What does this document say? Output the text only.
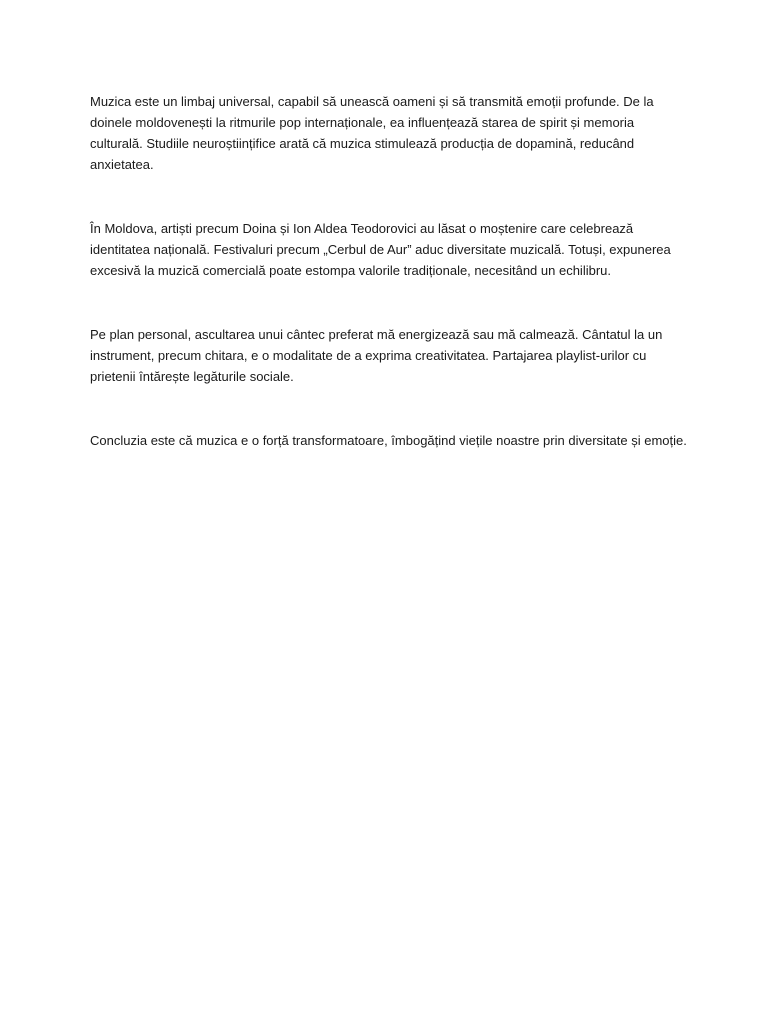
Muzica este un limbaj universal, capabil să unească oameni și să transmită emoții profunde. De la doinele moldovenești la ritmurile pop internaționale, ea influențează starea de spirit și memoria culturală. Studiile neuroștiințifice arată că muzica stimulează producția de dopamină, reducând anxietatea.

În Moldova, artiști precum Doina și Ion Aldea Teodorovici au lăsat o moștenire care celebrează identitatea națională. Festivaluri precum „Cerbul de Aur” aduc diversitate muzicală. Totuși, expunerea excesivă la muzică comercială poate estompa valorile tradiționale, necesitând un echilibru.

Pe plan personal, ascultarea unui cântec preferat mă energizează sau mă calmează. Cântatul la un instrument, precum chitara, e o modalitate de a exprima creativitatea. Partajarea playlist-urilor cu prietenii întărește legăturile sociale.

Concluzia este că muzica e o forță transformatoare, îmbogățind viețile noastre prin diversitate și emoție.
